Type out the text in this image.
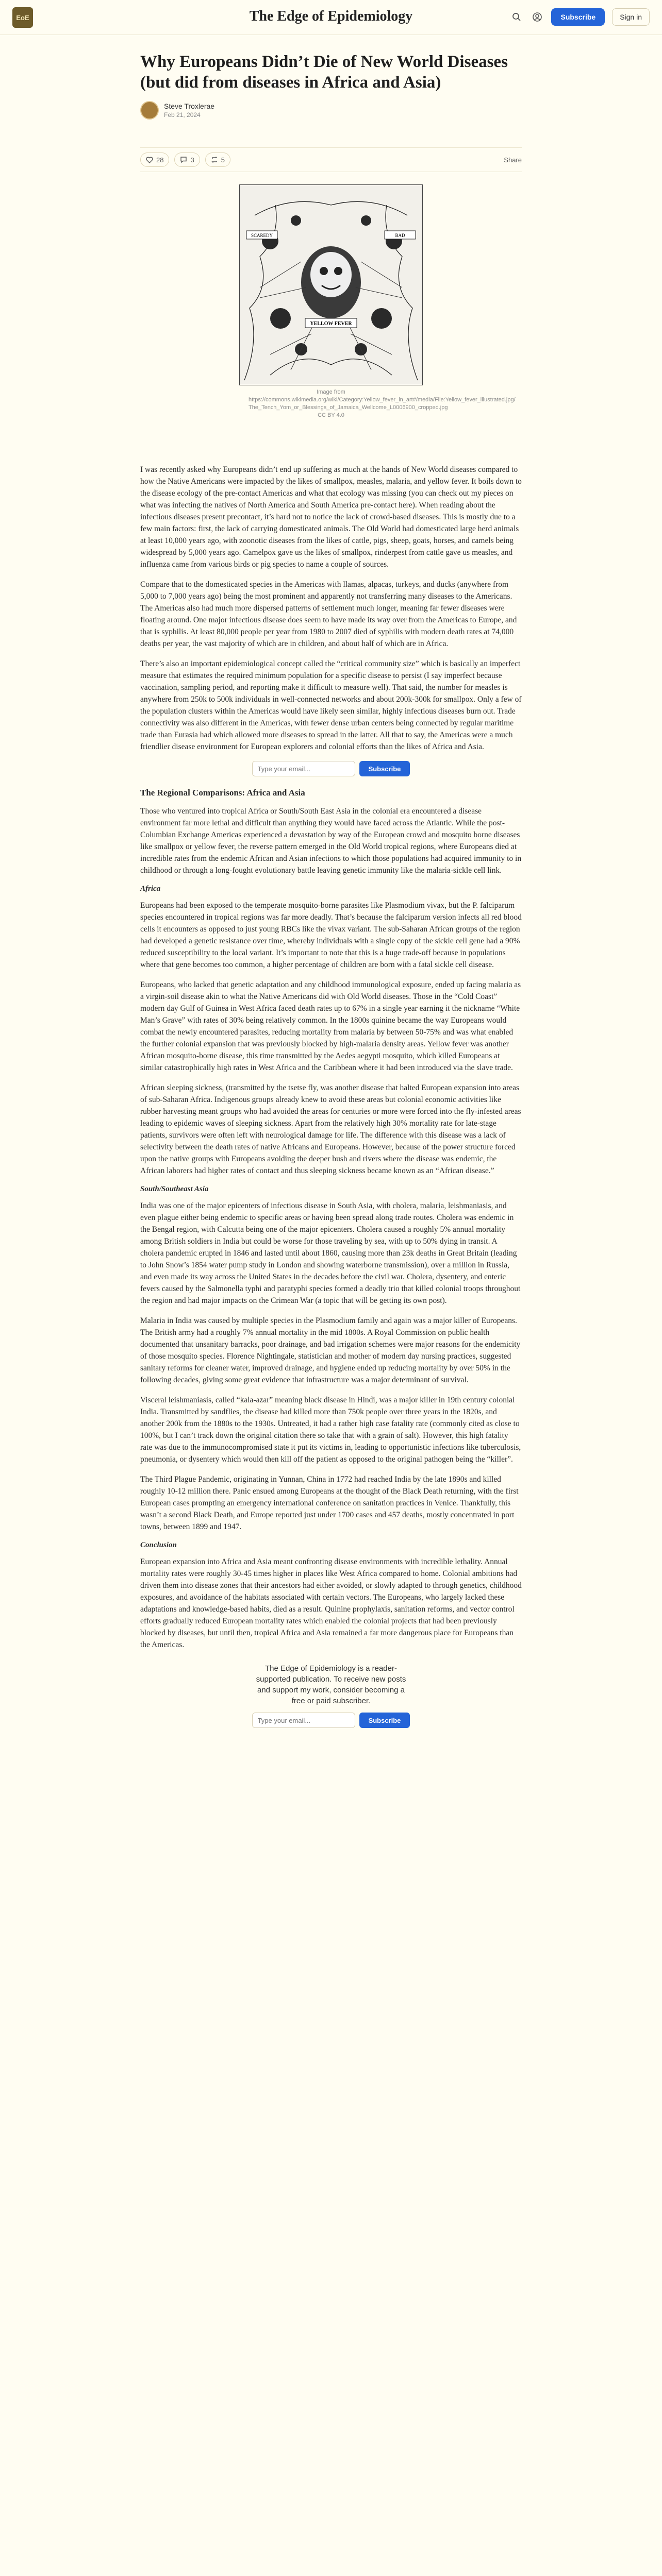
EoE	The Edge of Epidemiology	Subscribe	Sign in
Why Europeans Didn’t Die of New World Diseases (but did from diseases in Africa and Asia)
Steve Troxlerae
Feb 21, 2024
28	3	5	Share
SCAREDY
YELLOW FEVER
BAD
Image from https://commons.wikimedia.org/wiki/Category:Yellow_fever_in_art#/media/File:Yellow_fever_illustrated.jpg/ The_Tench_Yom_or_Blessings_of_Jamaica_Wellcome_L0006900_cropped.jpg CC BY 4.0

I was recently asked why Europeans didn’t end up suffering as much at the hands of New World diseases compared to how the Native Americans were impacted by the likes of smallpox, measles, malaria, and yellow fever. It boils down to the disease ecology of the pre-contact Americas and what that ecology was missing (you can check out my pieces on what was infecting the natives of North America and South America pre-contact here). When reading about the infectious diseases present precontact, it’s hard not to notice the lack of crowd-based diseases. This is mostly due to a few main factors: first, the lack of carrying domesticated animals. The Old World had domesticated large herd animals at least 10,000 years ago, with zoonotic diseases from the likes of cattle, pigs, sheep, goats, horses, and camels being widespread by 5,000 years ago. Camelpox gave us the likes of smallpox, rinderpest from cattle gave us measles, and influenza came from various birds or pig species to name a couple of sources.

Compare that to the domesticated species in the Americas with llamas, alpacas, turkeys, and ducks (anywhere from 5,000 to 7,000 years ago) being the most prominent and apparently not transferring many diseases to the Americans. The Americas also had much more dispersed patterns of settlement much longer, meaning far fewer diseases were floating around. One major infectious disease does seem to have made its way over from the Americas to Europe, and that is syphilis. At least 80,000 people per year from 1980 to 2007 died of syphilis with modern death rates at 74,000 deaths per year, the vast majority of which are in children, and about half of which are in Africa.

There’s also an important epidemiological concept called the “critical community size” which is basically an imperfect measure that estimates the required minimum population for a specific disease to persist (I say imperfect because vaccination, sampling period, and reporting make it difficult to measure well). That said, the number for measles is anywhere from 250k to 500k individuals in well-connected networks and about 200k-300k for smallpox. Only a few of the population clusters within the Americas would have likely seen similar, highly infectious diseases burn out. Trade connectivity was also different in the Americas, with fewer dense urban centers being connected by regular maritime trade than Eurasia had which allowed more diseases to spread in the latter. All that to say, the Americas were a much friendlier disease environment for European explorers and colonial efforts than the likes of Africa and Asia.

Type your email...
Subscribe
The Regional Comparisons: Africa and Asia

Those who ventured into tropical Africa or South/South East Asia in the colonial era encountered a disease environment far more lethal and difficult than anything they would have faced across the Atlantic. While the post-Columbian Exchange Americas experienced a devastation by way of the European crowd and mosquito borne diseases like smallpox or yellow fever, the reverse pattern emerged in the Old World tropical regions, where Europeans died at incredible rates from the endemic African and Asian infections to which those populations had acquired immunity to in childhood or through a long-fought evolutionary battle leaving genetic immunity like the malaria-sickle cell link.

Africa

Europeans had been exposed to the temperate mosquito-borne parasites like Plasmodium vivax, but the P. falciparum species encountered in tropical regions was far more deadly. That’s because the falciparum version infects all red blood cells it encounters as opposed to just young RBCs like the vivax variant. The sub-Saharan African groups of the region had developed a genetic resistance over time, whereby individuals with a single copy of the sickle cell gene had a 90% reduced susceptibility to the local variant. It’s important to note that this is a huge trade-off because in populations where that gene becomes too common, a higher percentage of children are born with a fatal sickle cell disease.

Europeans, who lacked that genetic adaptation and any childhood immunological exposure, ended up facing malaria as a virgin-soil disease akin to what the Native Americans did with Old World diseases. Those in the “Cold Coast” modern day Gulf of Guinea in West Africa faced death rates up to 67% in a single year earning it the nickname “White Man’s Grave” with rates of 30% being relatively common. In the 1800s quinine became the way Europeans would combat the newly encountered parasites, reducing mortality from malaria by between 50-75% and was what enabled the further colonial expansion that was previously blocked by high-malaria density areas. Yellow fever was another African mosquito-borne disease, this time transmitted by the Aedes aegypti mosquito, which killed Europeans at similar catastrophically high rates in West Africa and the Caribbean where it had been introduced via the slave trade.

African sleeping sickness, (transmitted by the tsetse fly, was another disease that halted European expansion into areas of sub-Saharan Africa. Indigenous groups already knew to avoid these areas but colonial economic activities like rubber harvesting meant groups who had avoided the areas for centuries or more were forced into the fly-infested areas leading to epidemic waves of sleeping sickness. Apart from the relatively high 30% mortality rate for late-stage patients, survivors were often left with neurological damage for life. The difference with this disease was a lack of selectivity between the death rates of native Africans and Europeans. However, because of the power structure forced upon the native groups with Europeans avoiding the deeper bush and rivers where the disease was endemic, the African laborers had higher rates of contact and thus sleeping sickness became known as an “African disease.”

South/Southeast Asia

India was one of the major epicenters of infectious disease in South Asia, with cholera, malaria, leishmaniasis, and even plague either being endemic to specific areas or having been spread along trade routes. Cholera was endemic in the Bengal region, with Calcutta being one of the major epicenters. Cholera caused a roughly 5% annual mortality among British soldiers in India but could be worse for those traveling by sea, with up to 50% dying in transit. A cholera pandemic erupted in 1846 and lasted until about 1860, causing more than 23k deaths in Great Britain (leading to John Snow’s 1854 water pump study in London and showing waterborne transmission), over a million in Russia, and even made its way across the United States in the decades before the civil war. Cholera, dysentery, and enteric fevers caused by the Salmonella typhi and paratyphi species formed a deadly trio that killed colonial troops throughout the region and had major impacts on the Crimean War (a topic that will be getting its own post).

Malaria in India was caused by multiple species in the Plasmodium family and again was a major killer of Europeans. The British army had a roughly 7% annual mortality in the mid 1800s. A Royal Commission on public health documented that unsanitary barracks, poor drainage, and bad irrigation schemes were major reasons for the endemicity of those mosquito species. Florence Nightingale, statistician and mother of modern day nursing practices, suggested sanitary reforms for cleaner water, improved drainage, and hygiene ended up reducing mortality by over 50% in the following decades, giving some great evidence that infrastructure was a major determinant of survival.

Visceral leishmaniasis, called “kala-azar” meaning black disease in Hindi, was a major killer in 19th century colonial India. Transmitted by sandflies, the disease had killed more than 750k people over three years in the 1820s, and another 200k from the 1880s to the 1930s. Untreated, it had a rather high case fatality rate (commonly cited as close to 100%, but I can’t track down the original citation there so take that with a grain of salt). However, this high fatality rate was due to the immunocompromised state it put its victims in, leading to opportunistic infections like tuberculosis, pneumonia, or dysentery which would then kill off the patient as opposed to the original pathogen being the “killer”.

The Third Plague Pandemic, originating in Yunnan, China in 1772 had reached India by the late 1890s and killed roughly 10-12 million there. Panic ensued among Europeans at the thought of the Black Death returning, with the first European cases prompting an emergency international conference on sanitation practices in Venice. Thankfully, this wasn’t a second Black Death, and Europe reported just under 1700 cases and 457 deaths, mostly concentrated in port towns, between 1899 and 1947.

Conclusion

European expansion into Africa and Asia meant confronting disease environments with incredible lethality. Annual mortality rates were roughly 30-45 times higher in places like West Africa compared to home. Colonial ambitions had driven them into disease zones that their ancestors had either avoided, or slowly adapted to through genetics, childhood exposures, and avoidance of the habitats associated with certain vectors. The Europeans, who largely lacked these adaptations and knowledge-based habits, died as a result. Quinine prophylaxis, sanitation reforms, and vector control efforts gradually reduced European mortality rates which enabled the colonial projects that had been previously blocked by diseases, but until then, tropical Africa and Asia remained a far more dangerous place for Europeans than the Americas.

The Edge of Epidemiology is a reader-supported publication. To receive new posts and support my work, consider becoming a free or paid subscriber.
Type your email...
Subscribe
